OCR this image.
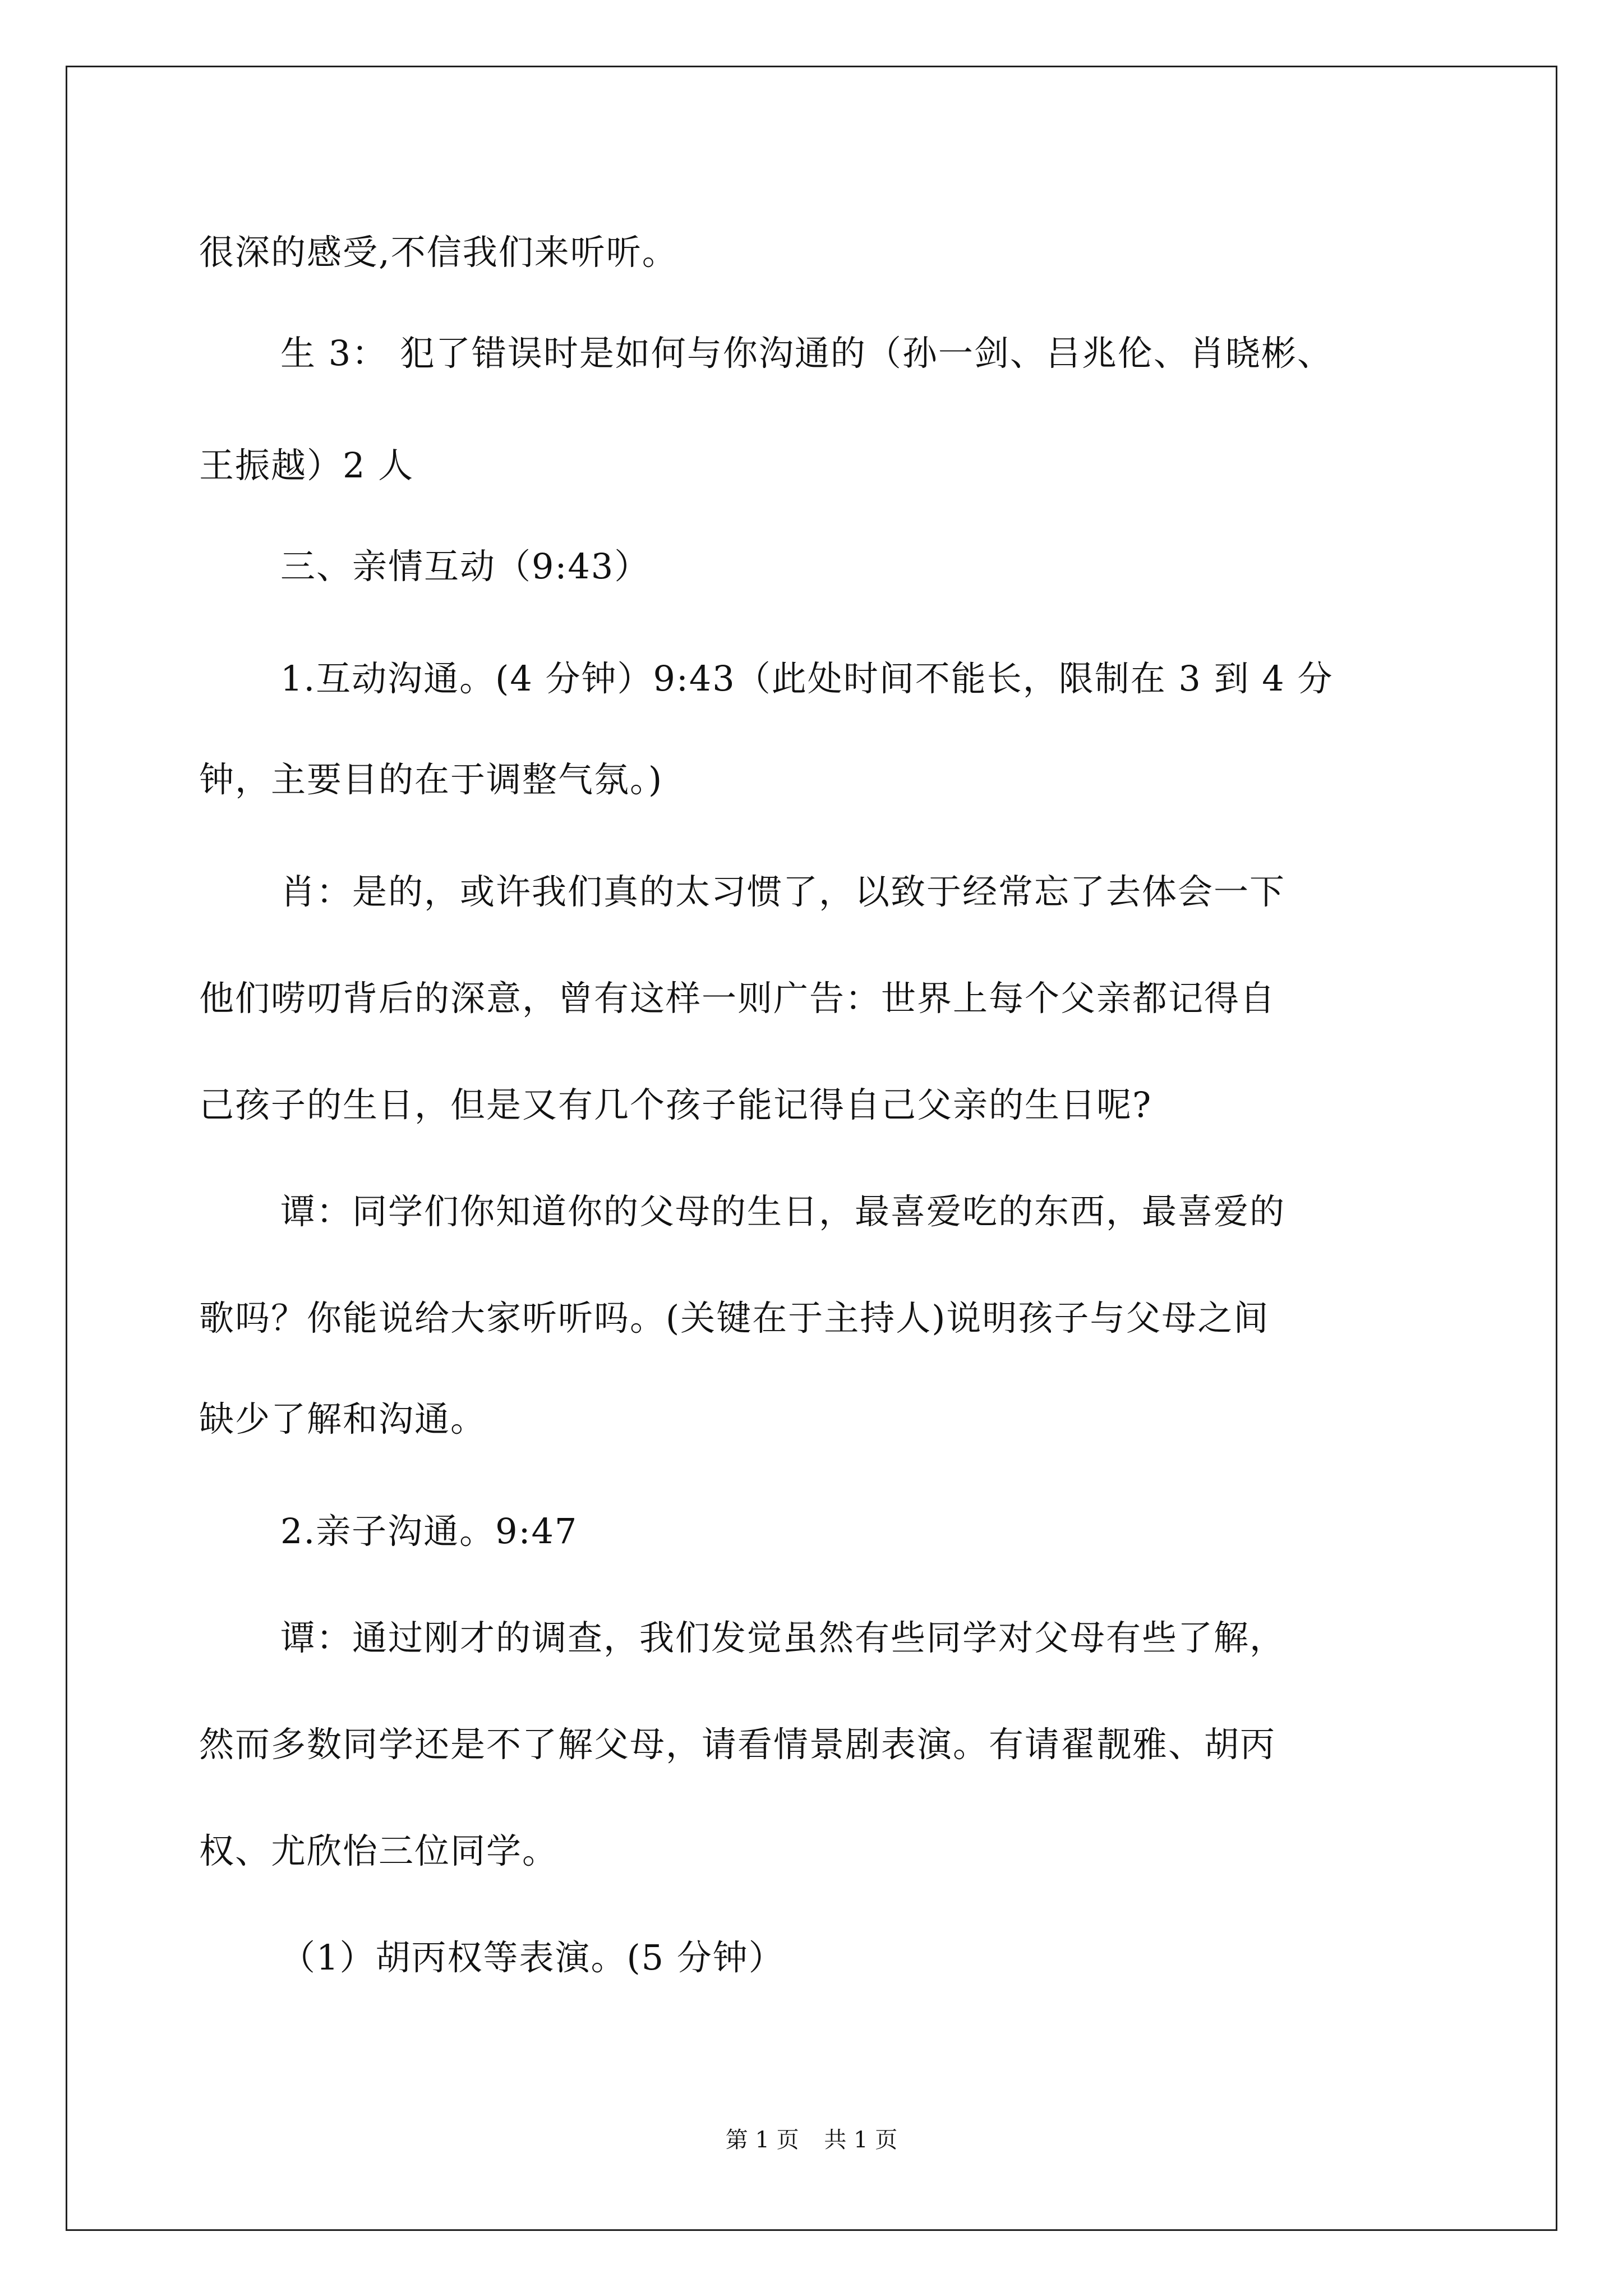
很深的感受,不信我们来听听。
生 3： 犯了错误时是如何与你沟通的（孙一剑、吕兆伦、肖晓彬、
王振越）2 人
三、亲情互动（9:43）
1.互动沟通。(4 分钟）9:43（此处时间不能长，限制在 3 到 4 分
钟，主要目的在于调整气氛。)
肖：是的，或许我们真的太习惯了，以致于经常忘了去体会一下
他们唠叨背后的深意，曾有这样一则广告：世界上每个父亲都记得自
己孩子的生日，但是又有几个孩子能记得自己父亲的生日呢?
谭：同学们你知道你的父母的生日，最喜爱吃的东西，最喜爱的
歌吗？你能说给大家听听吗。(关键在于主持人)说明孩子与父母之间
缺少了解和沟通。
2.亲子沟通。9:47
谭：通过刚才的调查，我们发觉虽然有些同学对父母有些了解，
然而多数同学还是不了解父母，请看情景剧表演。有请翟靓雅、胡丙
权、尤欣怡三位同学。
（1）胡丙权等表演。(5 分钟）
第 1 页 共 1 页
